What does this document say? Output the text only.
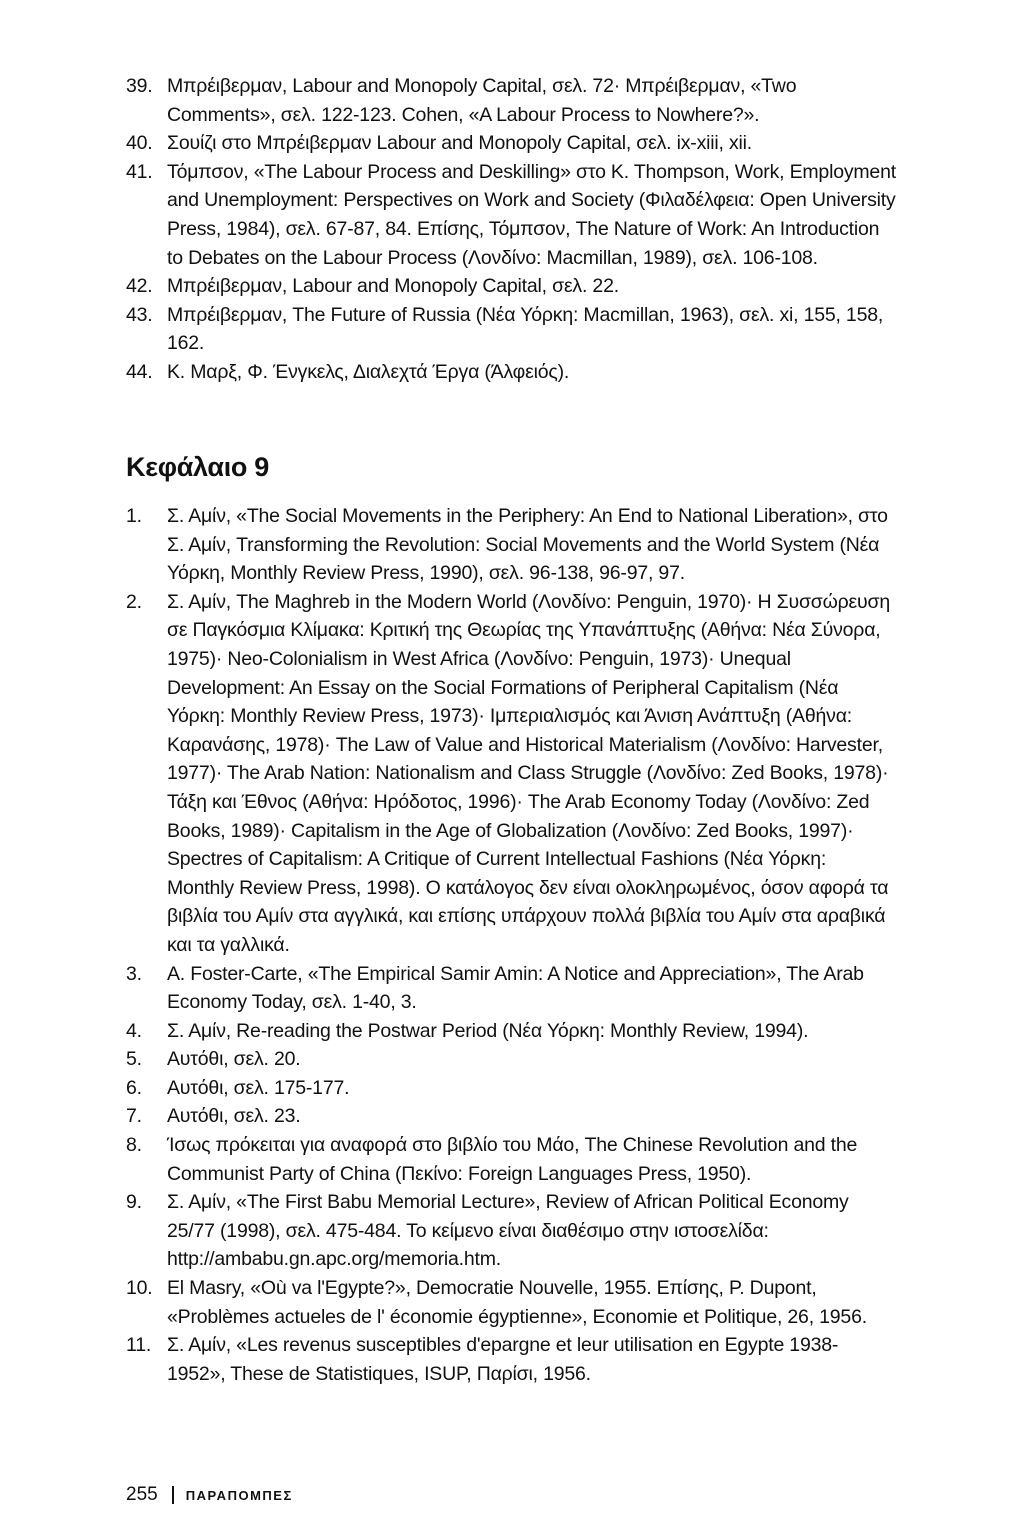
39. Μπρέιβερμαν, Labour and Monopoly Capital, σελ. 72· Μπρέιβερμαν, «Two Comments», σελ. 122-123. Cohen, «A Labour Process to Nowhere?».
40. Σουίζι στο Μπρέιβερμαν Labour and Monopoly Capital, σελ. ix-xiii, xii.
41. Τόμπσον, «The Labour Process and Deskilling» στο K. Thompson, Work, Employment and Unemployment: Perspectives on Work and Society (Φιλαδέλφεια: Open University Press, 1984), σελ. 67-87, 84. Επίσης, Τόμπσον, The Nature of Work: An Introduction to Debates on the Labour Process (Λονδίνο: Macmillan, 1989), σελ. 106-108.
42. Μπρέιβερμαν, Labour and Monopoly Capital, σελ. 22.
43. Μπρέιβερμαν, The Future of Russia (Νέα Υόρκη: Macmillan, 1963), σελ. xi, 155, 158, 162.
44. Κ. Μαρξ, Φ. Ένγκελς, Διαλεχτά Έργα (Άλφειός).
Κεφάλαιο 9
1.	Σ. Αμίν, «The Social Movements in the Periphery: An End to National Liberation», στο Σ. Αμίν, Transforming the Revolution: Social Movements and the World System (Νέα Υόρκη, Monthly Review Press, 1990), σελ. 96-138, 96-97, 97.
2.	Σ. Αμίν, The Maghreb in the Modern World (Λονδίνο: Penguin, 1970)· Η Συσσώρευση σε Παγκόσμια Κλίμακα: Κριτική της Θεωρίας της Υπανάπτυξης (Αθήνα: Νέα Σύνορα, 1975)· Neo-Colonialism in West Africa (Λονδίνο: Penguin, 1973)· Unequal Development: An Essay on the Social Formations of Peripheral Capitalism (Νέα Υόρκη: Monthly Review Press, 1973)· Ιμπεριαλισμός και Άνιση Ανάπτυξη (Αθήνα: Καρανάσης, 1978)· The Law of Value and Historical Materialism (Λονδίνο: Harvester, 1977)· The Arab Nation: Nationalism and Class Struggle (Λονδίνο: Zed Books, 1978)· Τάξη και Έθνος (Αθήνα: Ηρόδοτος, 1996)· The Arab Economy Today (Λονδίνο: Zed Books, 1989)· Capitalism in the Age of Globalization (Λονδίνο: Zed Books, 1997)· Spectres of Capitalism: A Critique of Current Intellectual Fashions (Νέα Υόρκη: Monthly Review Press, 1998). Ο κατάλογος δεν είναι ολοκληρωμένος, όσον αφορά τα βιβλία του Αμίν στα αγγλικά, και επίσης υπάρχουν πολλά βιβλία του Αμίν στα αραβικά και τα γαλλικά.
3.	A. Foster-Carte, «The Empirical Samir Amin: A Notice and Appreciation», The Arab Economy Today, σελ. 1-40, 3.
4.	Σ. Αμίν, Re-reading the Postwar Period (Νέα Υόρκη: Monthly Review, 1994).
5.	Αυτόθι, σελ. 20.
6.	Αυτόθι, σελ. 175-177.
7.	Αυτόθι, σελ. 23.
8.	Ίσως πρόκειται για αναφορά στο βιβλίο του Μάο, The Chinese Revolution and the Communist Party of China (Πεκίνο: Foreign Languages Press, 1950).
9.	Σ. Αμίν, «The First Babu Memorial Lecture», Review of African Political Economy 25/77 (1998), σελ. 475-484. Το κείμενο είναι διαθέσιμο στην ιστοσελίδα: http://ambabu.gn.apc.org/memoria.htm.
10. El Masry, «Où va l'Egypte?», Democratie Nouvelle, 1955. Επίσης, P. Dupont, «Problèmes actueles de l' économie égyptienne», Economie et Politique, 26, 1956.
11. Σ. Αμίν, «Les revenus susceptibles d'epargne et leur utilisation en Egypte 1938-1952», These de Statistiques, ISUP, Παρίσι, 1956.
255 ΠΑΡΑΠΟΜΠΕΣ
